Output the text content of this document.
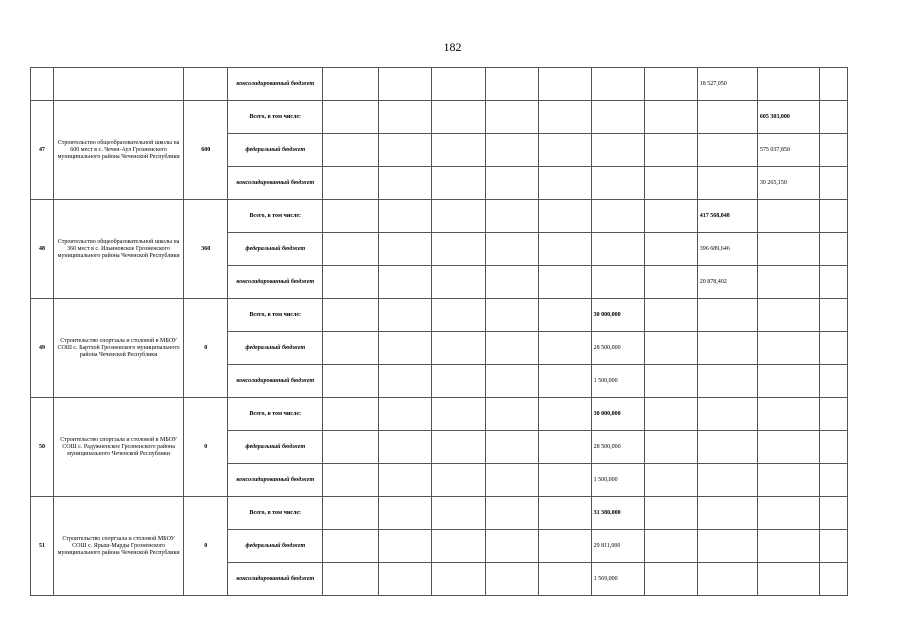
182
			консолидированный бюджет								18 527,050		
47	Строительство общеобразовательной школы на 600 мест в с. Чечен-Аул Грозненского муниципального района Чеченской Республики	600	Всего, в том числе:									605 303,000	
			федеральный бюджет									575 037,850	
			консолидированный бюджет									30 265,150	
48	Строительство общеобразовательной школы на 360 мест в с. Ильиновское Грозненского муниципального района Чеченской Республики	360	Всего, в том числе:								417 568,048		
			федеральный бюджет								396 689,646		
			консолидированный бюджет								20 878,402		
49	Строительство спортзала и столовой в МБОУ СОШ с. Бартхой Грозненского муниципального района Чеченской Республики	0	Всего, в том числе:						30 000,000				
			федеральный бюджет						28 500,000				
			консолидированный бюджет						1 500,000				
50	Строительство спортзала и столовой в МБОУ СОШ с. Радужненское Грозненского района муниципального Чеченской Республики	0	Всего, в том числе:						30 000,000				
			федеральный бюджет						28 500,000				
			консолидированный бюджет						1 500,000				
51	Строительство спортзала и столовой МБОУ СОШ с. Ярыш-Марды Грозненского муниципального района Чеченской Республики	0	Всего, в том числе:						31 380,000				
			федеральный бюджет						29 811,000				
			консолидированный бюджет						1 569,000				
